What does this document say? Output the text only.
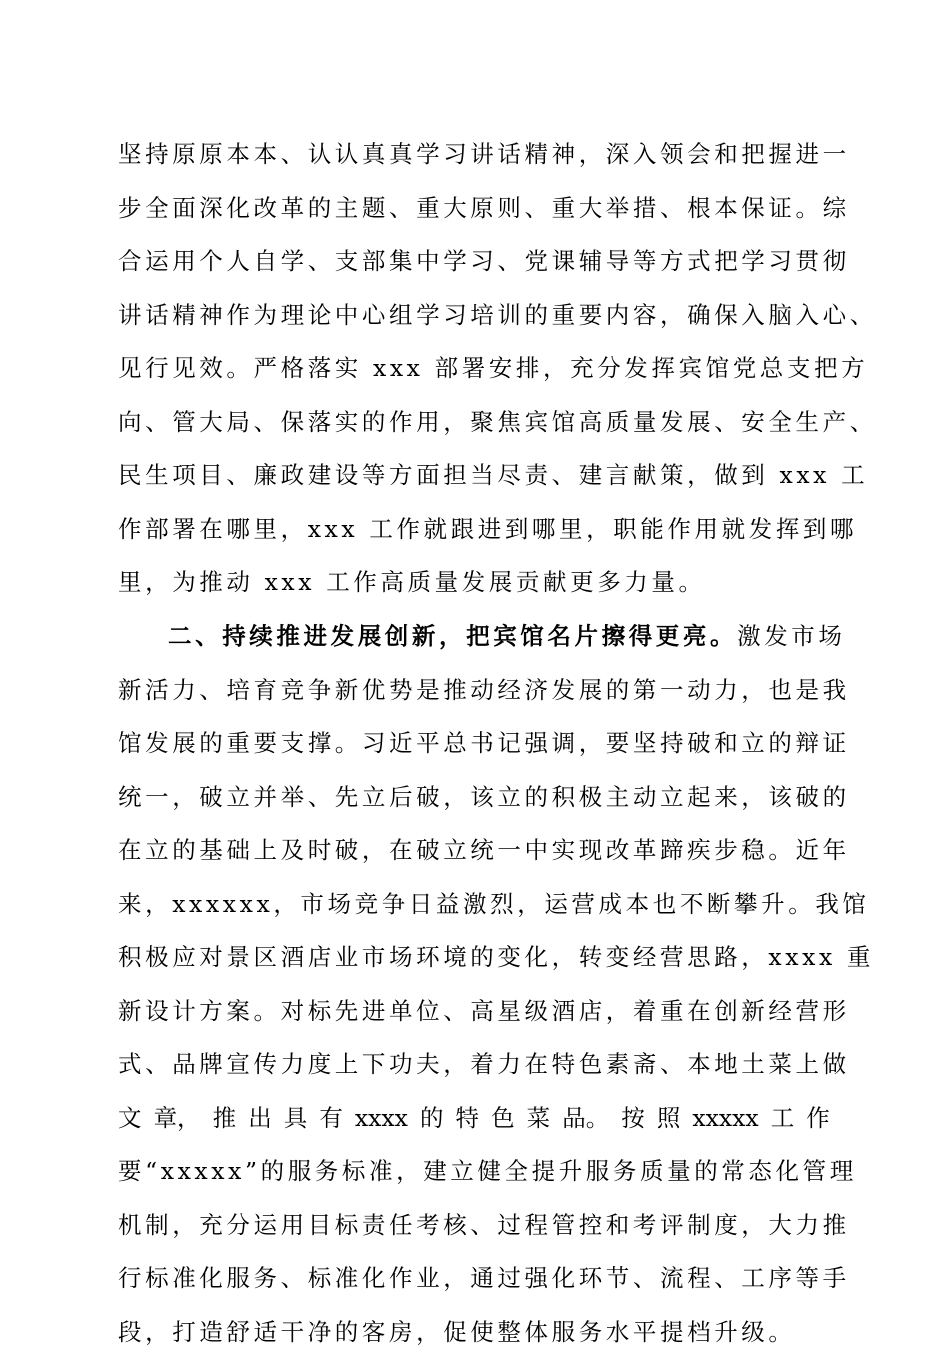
坚持原原本本、认认真真学习讲话精神，深入领会和把握进一
步全面深化改革的主题、重大原则、重大举措、根本保证。综
合运用个人自学、支部集中学习、党课辅导等方式把学习贯彻
讲话精神作为理论中心组学习培训的重要内容，确保入脑入心、
见行见效。严格落实 xxx 部署安排，充分发挥宾馆党总支把方
向、管大局、保落实的作用，聚焦宾馆高质量发展、安全生产、
民生项目、廉政建设等方面担当尽责、建言献策，做到 xxx 工
作部署在哪里，xxx 工作就跟进到哪里，职能作用就发挥到哪
里，为推动 xxx 工作高质量发展贡献更多力量。
二、持续推进发展创新，把宾馆名片擦得更亮。激发市场
新活力、培育竞争新优势是推动经济发展的第一动力，也是我
馆发展的重要支撑。习近平总书记强调，要坚持破和立的辩证
统一，破立并举、先立后破，该立的积极主动立起来，该破的
在立的基础上及时破，在破立统一中实现改革蹄疾步稳。近年
来，xxxxxx，市场竞争日益激烈，运营成本也不断攀升。我馆
积极应对景区酒店业市场环境的变化，转变经营思路，xxxx 重
新设计方案。对标先进单位、高星级酒店，着重在创新经营形
式、品牌宣传力度上下功夫，着力在特色素斋、本地土菜上做
文 章， 推 出 具 有 xxxx 的 特 色 菜 品。 按 照 xxxxx 工 作
要“xxxxx”的服务标准，建立健全提升服务质量的常态化管理
机制，充分运用目标责任考核、过程管控和考评制度，大力推
行标准化服务、标准化作业，通过强化环节、流程、工序等手
段，打造舒适干净的客房，促使整体服务水平提档升级。
